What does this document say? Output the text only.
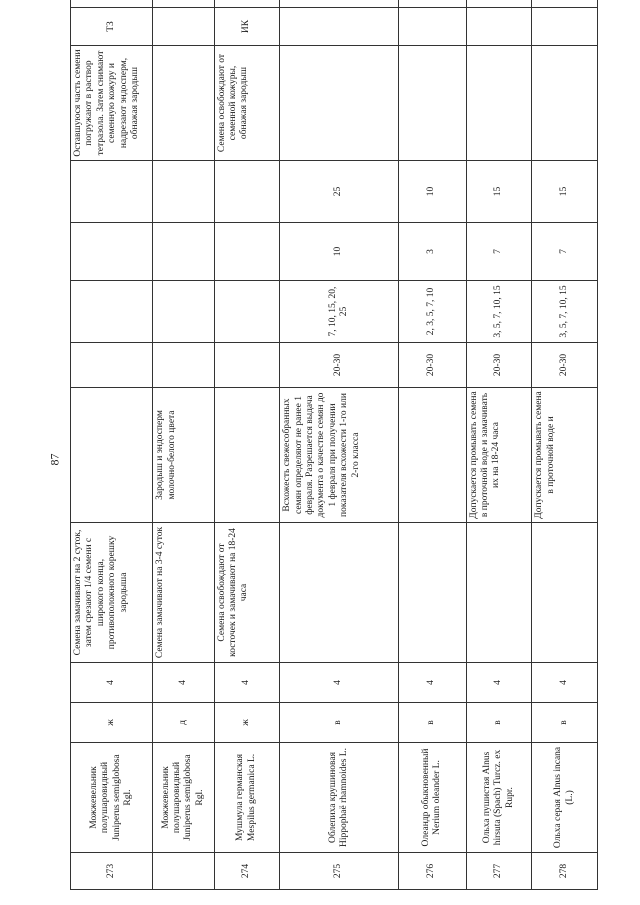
87
273	Можжевельник полушаровидный Juniperus semiglobosa Rgl.	ж	4	Семена замачивают на 2 суток, затем срезают 1/4 семени с широкого конца, противоположного корешку зародыша						Оставшуюся часть семени погружают в раствор тетразола. Затем снимают семенную кожуру и надрезают эндосперм, обнажая зародыш	ТЗ	
	Можжевельник полушаровидный Juniperus semiglobosa Rgl.	д	4	Семена замачивают на 3-4 суток	Зародыш и эндосперм молочно-белого цвета							
274	Мушмула германская Mespilus germanica L.	ж	4	Семена освобождают от косточек и замачивают на 18-24 часа						Семена освобождают от семенной кожуры, обнажая зародыш	ИК	
275	Облепиха крушиновая Hippophaё rhamnoides L.	в	4		Всхожесть свежесобранных семян определяют не ранее 1 февраля. Разрешается выдача документа о качестве семян до 1 февраля при получении показателя всхожести 1-го или 2-го класса	20-30	7, 10, 15, 20, 25	10	25			
276	Олеандр обыкновенный Nerium oleander L.	в	4			20-30	2, 3, 5, 7, 10	3	10			
277	Ольха пушистая Alnus hirsuta (Spach) Turcz. ex Rupr.	в	4		Допускается промывать семена в проточной воде и замачивать их на 18-24 часа	20-30	3, 5, 7, 10, 15	7	15			
278	Ольха серая Alnus incana (L.)	в	4		Допускается промывать семена в проточной воде и	20-30	3, 5, 7, 10, 15	7	15			
